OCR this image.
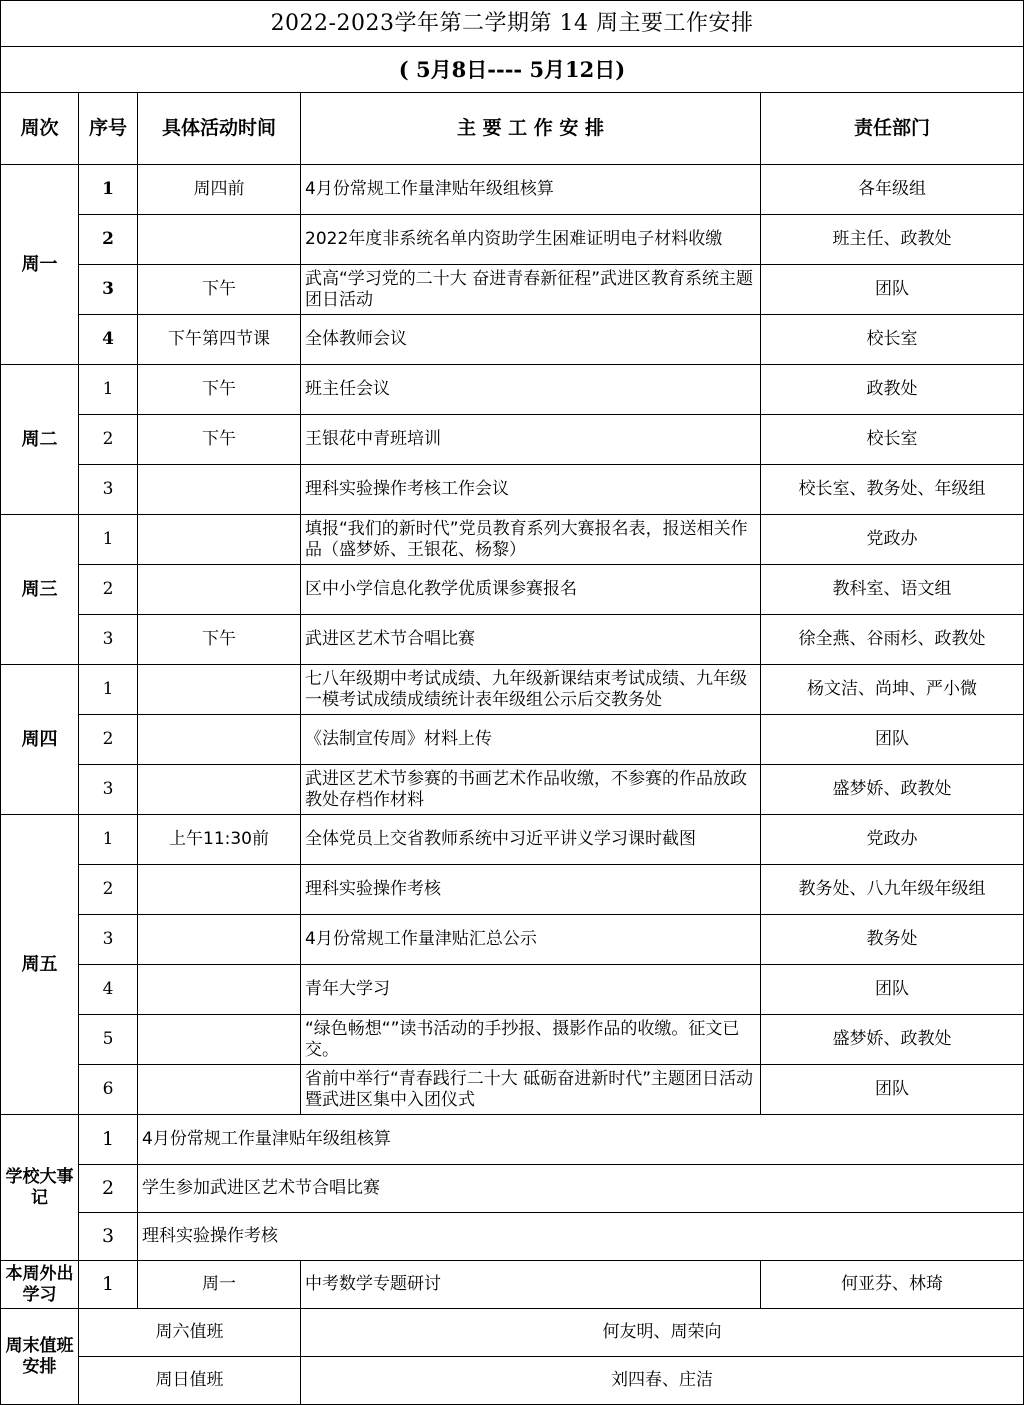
2022-2023学年第二学期第 14 周主要工作安排				
( 5月8日---- 5月12日)				
周次	序号	具体活动时间	主 要 工 作 安 排	责任部门
周一	1	周四前	4月份常规工作量津贴年级组核算	各年级组
	2		2022年度非系统名单内资助学生困难证明电子材料收缴	班主任、政教处
	3	下午	武高“学习党的二十大 奋进青春新征程”武进区教育系统主题团日活动	团队
	4	下午第四节课	全体教师会议	校长室
周二	1	下午	班主任会议	政教处
	2	下午	王银花中青班培训	校长室
	3		理科实验操作考核工作会议	校长室、教务处、年级组
周三	1		填报“我们的新时代”党员教育系列大赛报名表，报送相关作品（盛梦娇、王银花、杨黎）	党政办
	2		区中小学信息化教学优质课参赛报名	教科室、语文组
	3	下午	武进区艺术节合唱比赛	徐全燕、谷雨杉、政教处
周四	1		七八年级期中考试成绩、九年级新课结束考试成绩、九年级一模考试成绩成绩统计表年级组公示后交教务处	杨文洁、尚坤、严小微
	2		《法制宣传周》材料上传	团队
	3		武进区艺术节参赛的书画艺术作品收缴，不参赛的作品放政教处存档作材料	盛梦娇、政教处
周五	1	上午11:30前	全体党员上交省教师系统中习近平讲义学习课时截图	党政办
	2		理科实验操作考核	教务处、八九年级年级组
	3		4月份常规工作量津贴汇总公示	教务处
	4		青年大学习	团队
	5		“绿色畅想“”读书活动的手抄报、摄影作品的收缴。征文已交。	盛梦娇、政教处
	6		省前中举行“青春践行二十大 砥砺奋进新时代”主题团日活动暨武进区集中入团仪式	团队
学校大事记	1	4月份常规工作量津贴年级组核算		
	2	学生参加武进区艺术节合唱比赛		
	3	理科实验操作考核		
本周外出学习	1	周一	中考数学专题研讨	何亚芬、林琦
周末值班安排	周六值班		何友明、周荣向	
	周日值班		刘四春、庄洁	
